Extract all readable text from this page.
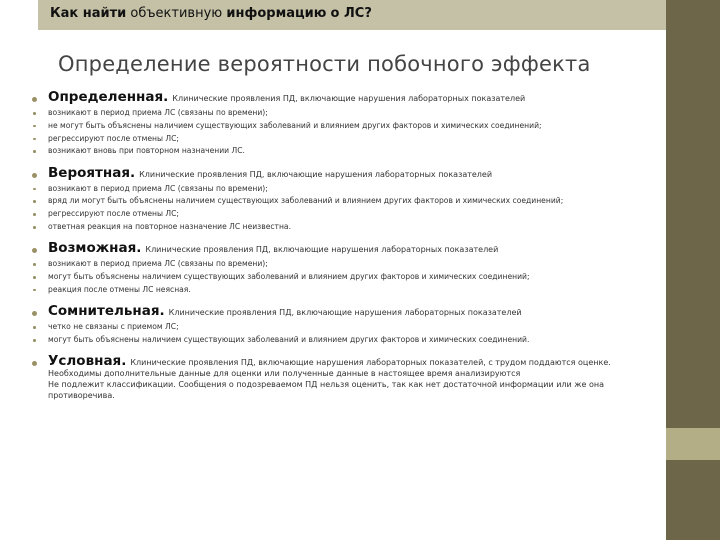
Как найти объективную информацию о ЛС?
Определение вероятности побочного эффекта
Определенная. Клинические проявления ПД, включающие нарушения лабораторных показателей
возникают в период приема ЛС (связаны по времени);
не могут быть объяснены наличием существующих заболеваний и влиянием других факторов и химических соединений;
регрессируют после отмены ЛС;
возникают вновь при повторном назначении ЛС.
Вероятная. Клинические проявления ПД, включающие нарушения лабораторных показателей
возникают в период приема ЛС (связаны по времени);
вряд ли могут быть объяснены наличием существующих заболеваний и влиянием других факторов и химических соединений;
регрессируют после отмены ЛС;
ответная реакция на повторное назначение ЛС неизвестна.
Возможная. Клинические проявления ПД, включающие нарушения лабораторных показателей
возникают в период приема ЛС (связаны по времени);
могут быть объяснены наличием существующих заболеваний и влиянием других факторов и химических соединений;
реакция после отмены ЛС неясная.
Сомнительная. Клинические проявления ПД, включающие нарушения лабораторных показателей
четко не связаны с приемом ЛС;
могут быть объяснены наличием существующих заболеваний и влиянием других факторов и химических соединений.
Условная. Клинические проявления ПД, включающие нарушения лабораторных показателей, с трудом поддаются оценке. Необходимы дополнительные данные для оценки или полученные данные в настоящее время анализируются
Не подлежит классификации. Сообщения о подозреваемом ПД нельзя оценить, так как нет достаточной информации или же она противоречива.
